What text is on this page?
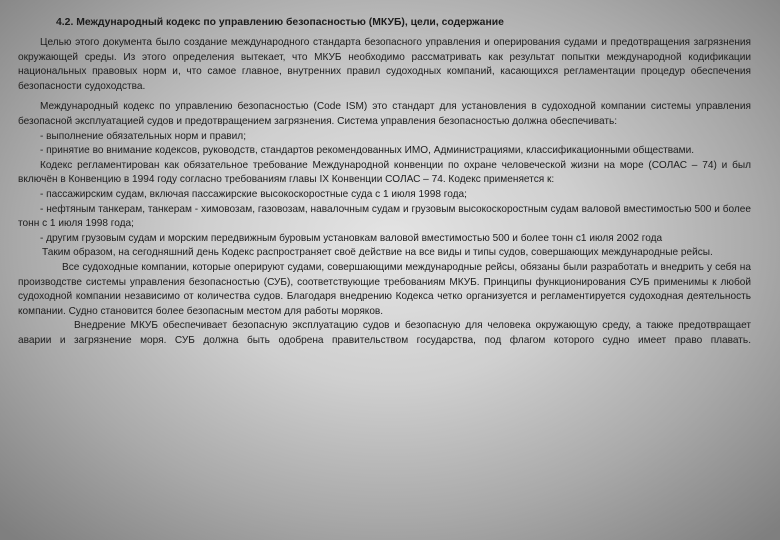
4.2. Международный кодекс по управлению безопасностью (МКУБ), цели, содержание

Целью этого документа было создание международного стандарта безопасного управления и оперирования судами и предотвращения загрязнения окружающей среды. Из этого определения вытекает, что МКУБ необходимо рассматривать как результат попытки международной кодификации национальных правовых норм и, что самое главное, внутренних правил судоходных компаний, касающихся регламентации процедур обеспечения безопасности судоходства.

Международный кодекс по управлению безопасностью (Code ISM) это стандарт для установления в судоходной компании системы управления безопасной эксплуатацией судов и предотвращением загрязнения. Система управления безопасностью должна обеспечивать:

- выполнение обязательных норм и правил;

- принятие во внимание кодексов, руководств, стандартов рекомендованных ИМО, Администрациями, классификационными обществами.

Кодекс регламентирован как обязательное требование Международной конвенции по охране человеческой жизни на море (СОЛАС – 74) и был включён в Конвенцию в 1994 году согласно требованиям главы IX Конвенции СОЛАС – 74. Кодекс применяется к:

- пассажирским судам, включая пассажирские высокоскоростные суда с 1 июля 1998 года;

- нефтяным танкерам, танкерам - химовозам, газовозам, навалочным судам и грузовым высокоскоростным судам валовой вместимостью 500 и более тонн с 1 июля 1998 года;

- другим грузовым судам и морским передвижным буровым установкам валовой вместимостью 500 и более тонн с1 июля 2002 года

Таким образом, на сегодняшний день Кодекс распространяет своё действие на все виды и типы судов, совершающих международные рейсы.

Все судоходные компании, которые оперируют судами, совершающими международные рейсы, обязаны были разработать и внедрить у себя на производстве системы управления безопасностью (СУБ), соответствующие требованиям МКУБ. Принципы функционирования СУБ применимы к любой судоходной компании независимо от количества судов. Благодаря внедрению Кодекса четко организуется и регламентируется судоходная деятельность компании. Судно становится более безопасным местом для работы моряков.

Внедрение МКУБ обеспечивает безопасную эксплуатацию судов и безопасную для человека окружающую среду, а также предотвращает аварии и загрязнение моря. СУБ должна быть одобрена правительством государства, под флагом которого судно имеет право плавать.
